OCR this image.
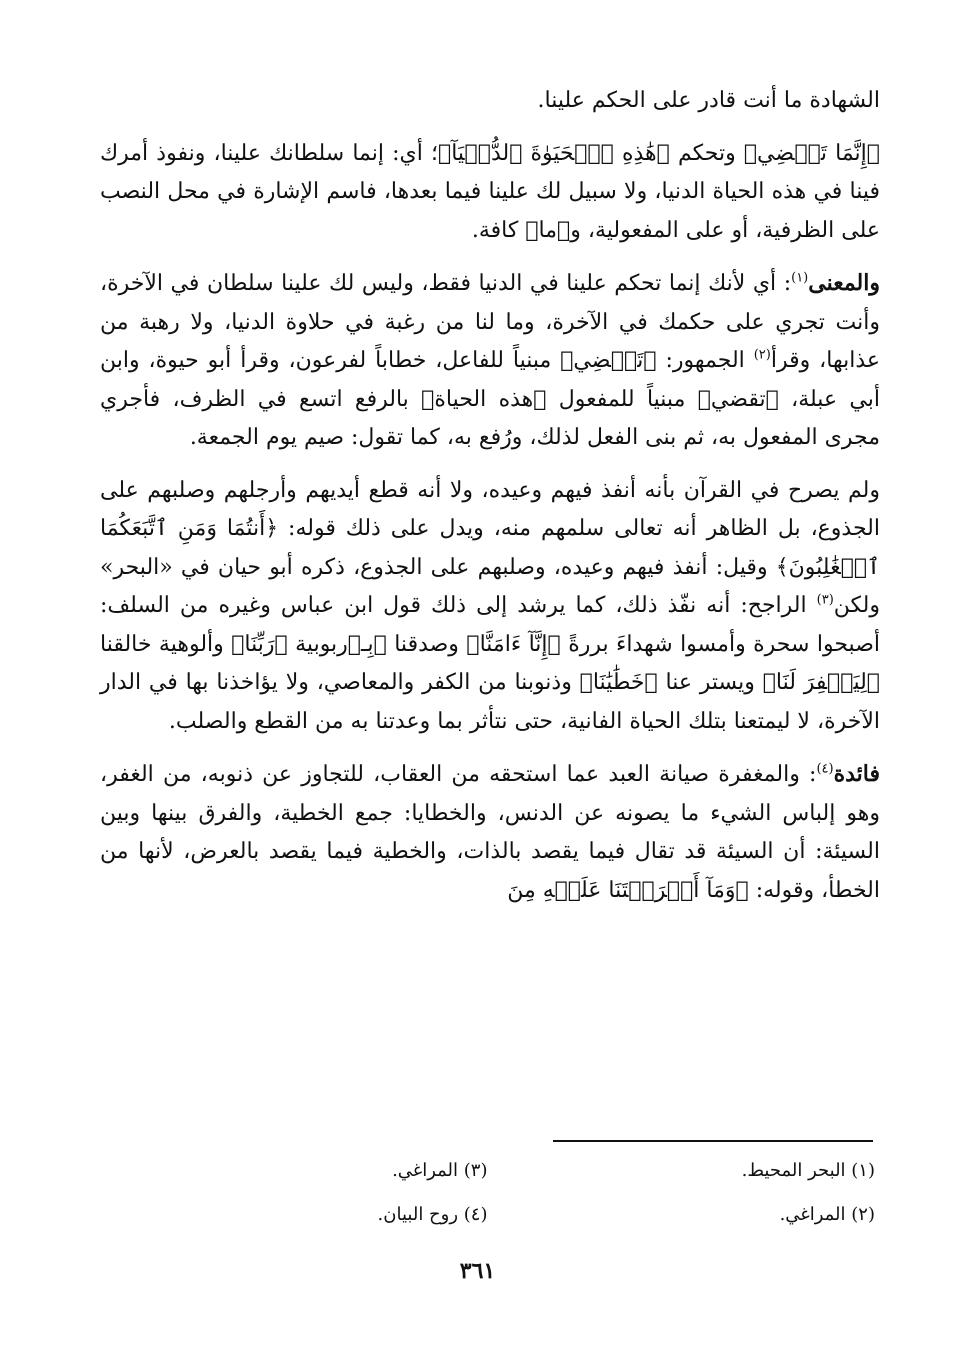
الشهادة ما أنت قادر على الحكم علينا.

﴿إِنَّمَا تَقۡضِي﴾ وتحكم ﴿هَٰذِهِ ٱلۡحَيَوٰةَ ٱلدُّنۡيَآ﴾؛ أي: إنما سلطانك علينا، ونفوذ أمرك فينا في هذه الحياة الدنيا، ولا سبيل لك علينا فيما بعدها، فاسم الإشارة في محل النصب على الظرفية، أو على المفعولية، و﴿ما﴾ كافة.

والمعنى$^{(١)}$: أي لأنك إنما تحكم علينا في الدنيا فقط، وليس لك علينا سلطان في الآخرة، وأنت تجري على حكمك في الآخرة، وما لنا من رغبة في حلاوة الدنيا، ولا رهبة من عذابها، وقرأ$^{(٢)}$ الجمهور: ﴿تَقۡضِي﴾ مبنياً للفاعل، خطاباً لفرعون، وقرأ أبو حيوة، وابن أبي عبلة، ﴿تقضي﴾ مبنياً للمفعول ﴿هذه الحياة﴾ بالرفع اتسع في الظرف، فأجري مجرى المفعول به، ثم بنى الفعل لذلك، ورُفع به، كما تقول: صيم يوم الجمعة.

ولم يصرح في القرآن بأنه أنفذ فيهم وعيده، ولا أنه قطع أيديهم وأرجلهم وصلبهم على الجذوع، بل الظاهر أنه تعالى سلمهم منه، ويدل على ذلك قوله: ﴿أَنتُمَا وَمَنِ ٱتَّبَعَكُمَا ٱلۡغَٰلِبُونَ﴾ وقيل: أنفذ فيهم وعيده، وصلبهم على الجذوع، ذكره أبو حيان في «البحر» ولكن$^{(٣)}$ الراجح: أنه نفّذ ذلك، كما يرشد إلى ذلك قول ابن عباس وغيره من السلف: أصبحوا سحرة وأمسوا شهداءَ بررةً ﴿إِنَّآ ءَامَنَّا﴾ وصدقنا ﴿بِـ﴾ربوبية ﴿رَبِّنَا﴾ وألوهية خالقنا ﴿لِيَغۡفِرَ لَنَا﴾ ويستر عنا ﴿خَطَٰيَٰنَا﴾ وذنوبنا من الكفر والمعاصي، ولا يؤاخذنا بها في الدار الآخرة، لا ليمتعنا بتلك الحياة الفانية، حتى نتأثر بما وعدتنا به من القطع والصلب.

فائدة$^{(٤)}$: والمغفرة صيانة العبد عما استحقه من العقاب، للتجاوز عن ذنوبه، من الغفر، وهو إلباس الشيء ما يصونه عن الدنس، والخطايا: جمع الخطية، والفرق بينها وبين السيئة: أن السيئة قد تقال فيما يقصد بالذات، والخطية فيما يقصد بالعرض، لأنها من الخطأ، وقوله: ﴿وَمَآ أَكۡرَهۡتَنَا عَلَيۡهِ مِنَ

(١) البحر المحيط.
(٣) المراغي.
(٢) المراغي.
(٤) روح البيان.
٣٦١
